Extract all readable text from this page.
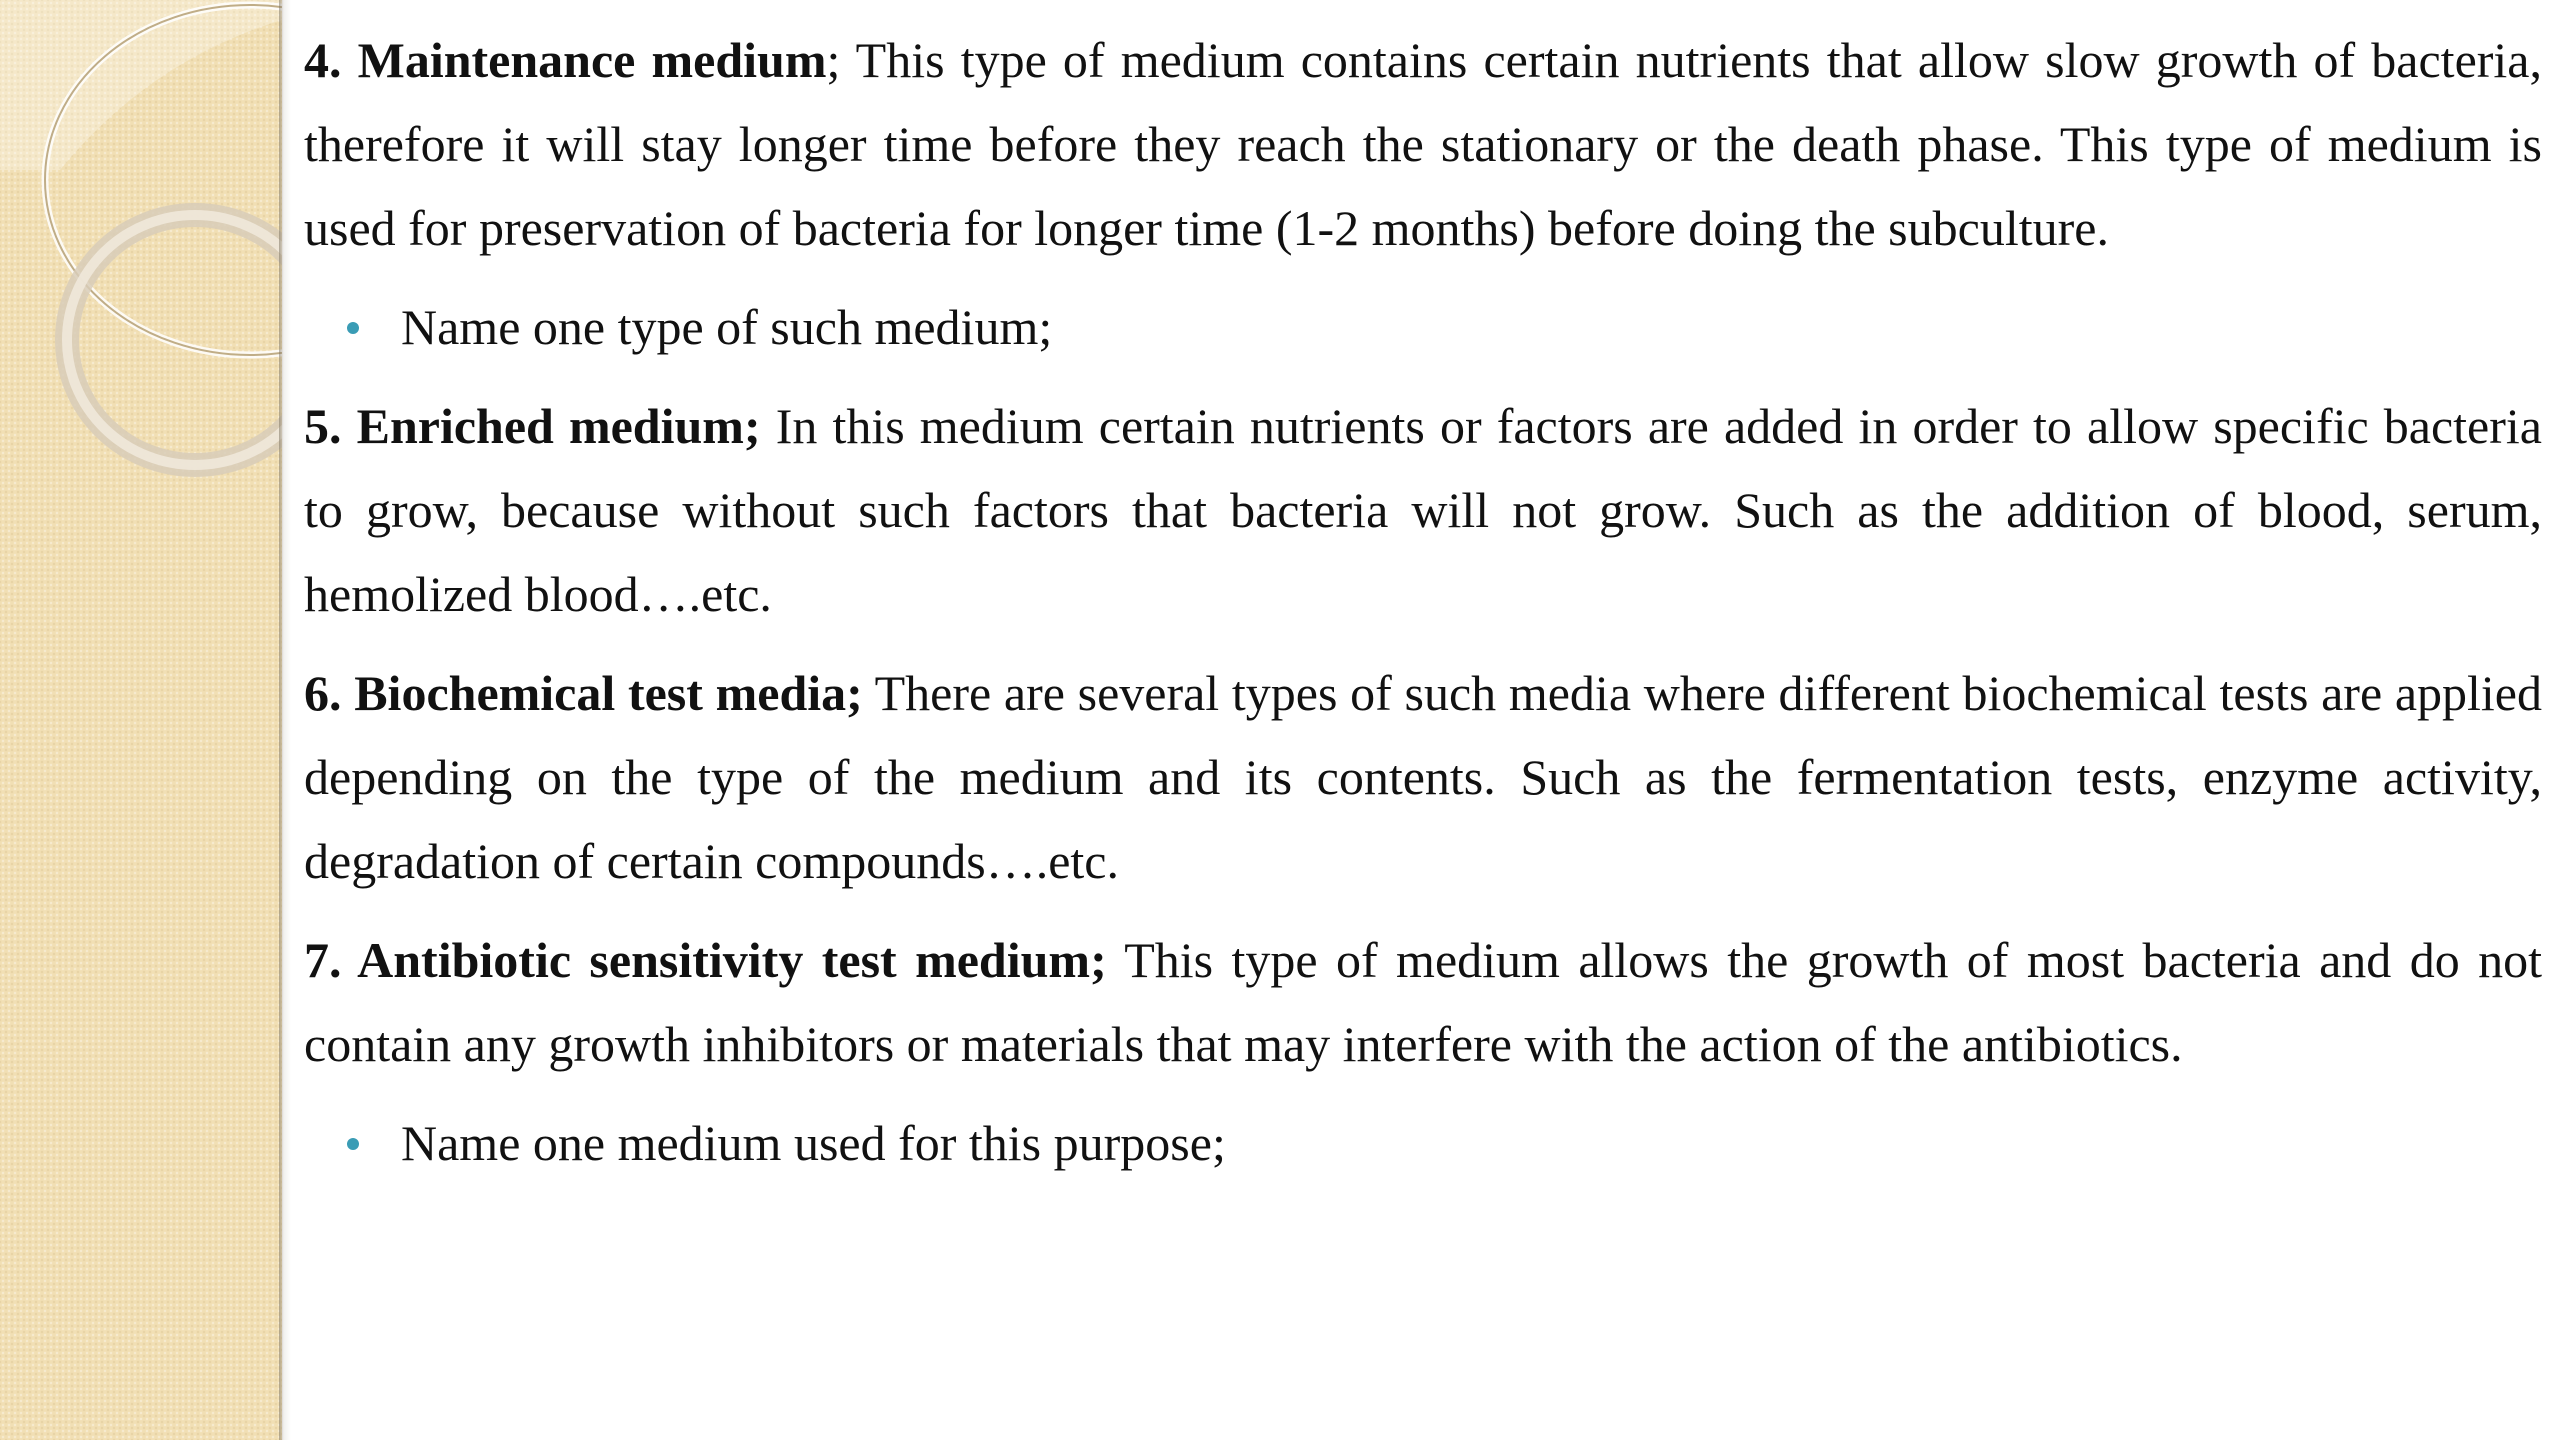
4. Maintenance medium; This type of medium contains certain nutrients that allow slow growth of bacteria, therefore it will stay longer time before they reach the stationary or the death phase. This type of medium is used for preservation of bacteria for longer time (1-2 months) before doing the subculture.

Name one type of such medium;

5. Enriched medium; In this medium certain nutrients or factors are added in order to allow specific bacteria to grow, because without such factors that bacteria will not grow. Such as the addition of blood, serum, hemolized blood….etc.

6. Biochemical test media; There are several types of such media where different biochemical tests are applied depending on the type of the medium and its contents. Such as the fermentation tests, enzyme activity, degradation of certain compounds….etc.

7. Antibiotic sensitivity test medium; This type of medium allows the growth of most bacteria and do not contain any growth inhibitors or materials that may interfere with the action of the antibiotics.

Name one medium used for this purpose;
